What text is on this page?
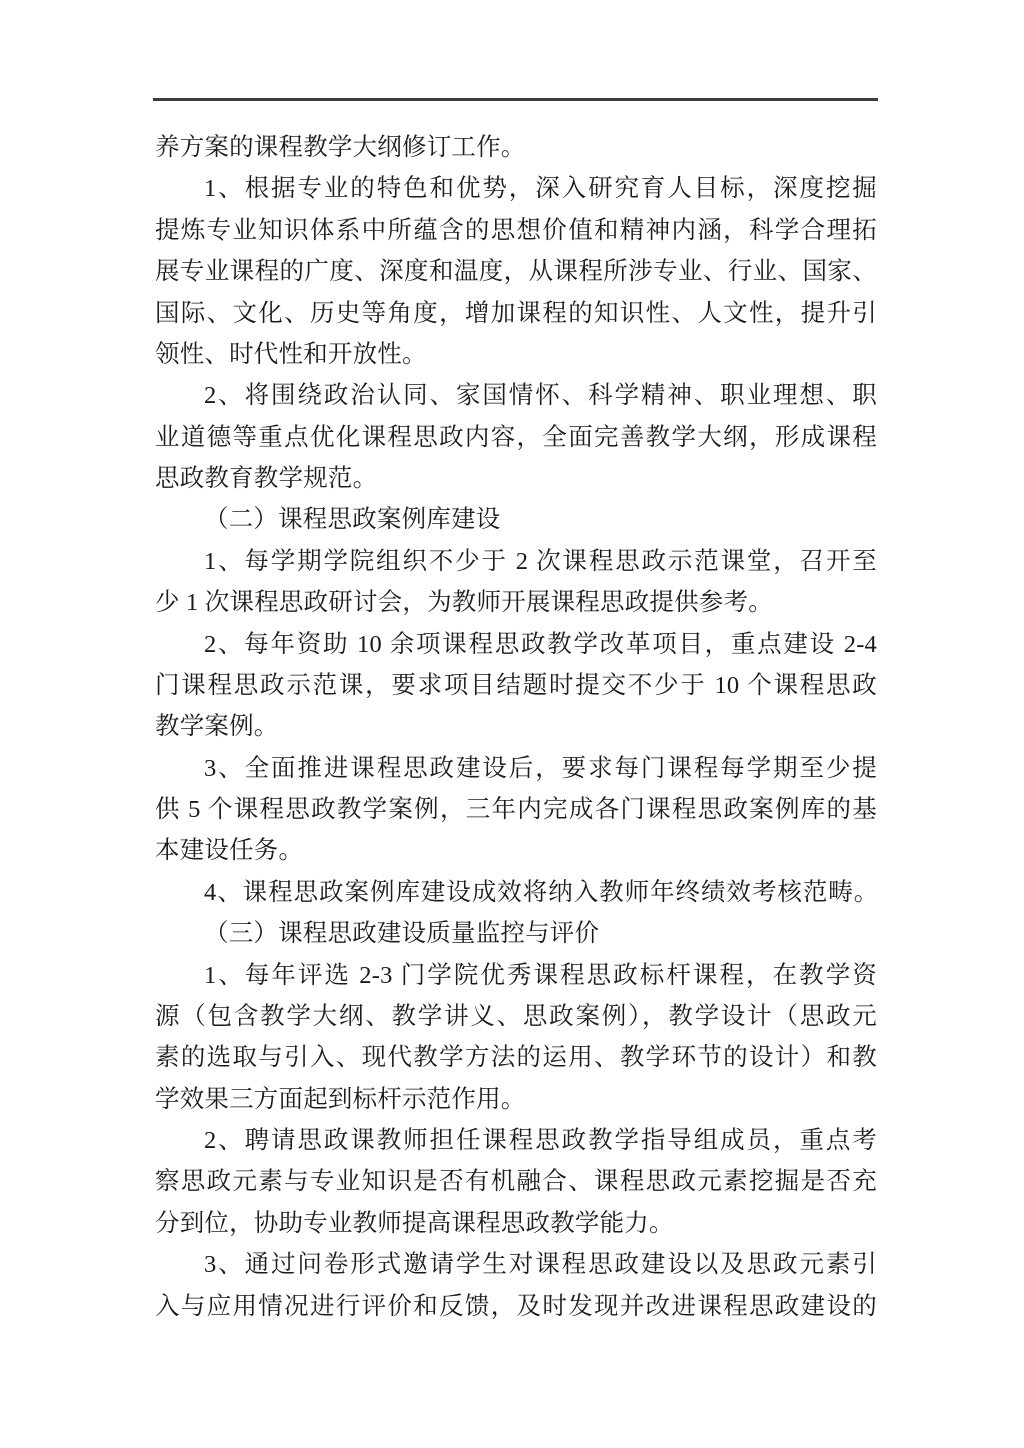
养方案的课程教学大纲修订工作。
1、根据专业的特色和优势，深入研究育人目标，深度挖掘
提炼专业知识体系中所蕴含的思想价值和精神内涵，科学合理拓
展专业课程的广度、深度和温度，从课程所涉专业、行业、国家、
国际、文化、历史等角度，增加课程的知识性、人文性，提升引
领性、时代性和开放性。
2、将围绕政治认同、家国情怀、科学精神、职业理想、职
业道德等重点优化课程思政内容，全面完善教学大纲，形成课程
思政教育教学规范。
（二）课程思政案例库建设
1、每学期学院组织不少于 2 次课程思政示范课堂，召开至
少 1 次课程思政研讨会，为教师开展课程思政提供参考。
2、每年资助 10 余项课程思政教学改革项目，重点建设 2-4
门课程思政示范课，要求项目结题时提交不少于 10 个课程思政
教学案例。
3、全面推进课程思政建设后，要求每门课程每学期至少提
供 5 个课程思政教学案例，三年内完成各门课程思政案例库的基
本建设任务。
4、课程思政案例库建设成效将纳入教师年终绩效考核范畴。
（三）课程思政建设质量监控与评价
1、每年评选 2-3 门学院优秀课程思政标杆课程，在教学资
源（包含教学大纲、教学讲义、思政案例），教学设计（思政元
素的选取与引入、现代教学方法的运用、教学环节的设计）和教
学效果三方面起到标杆示范作用。
2、聘请思政课教师担任课程思政教学指导组成员，重点考
察思政元素与专业知识是否有机融合、课程思政元素挖掘是否充
分到位，协助专业教师提高课程思政教学能力。
3、通过问卷形式邀请学生对课程思政建设以及思政元素引
入与应用情况进行评价和反馈，及时发现并改进课程思政建设的
